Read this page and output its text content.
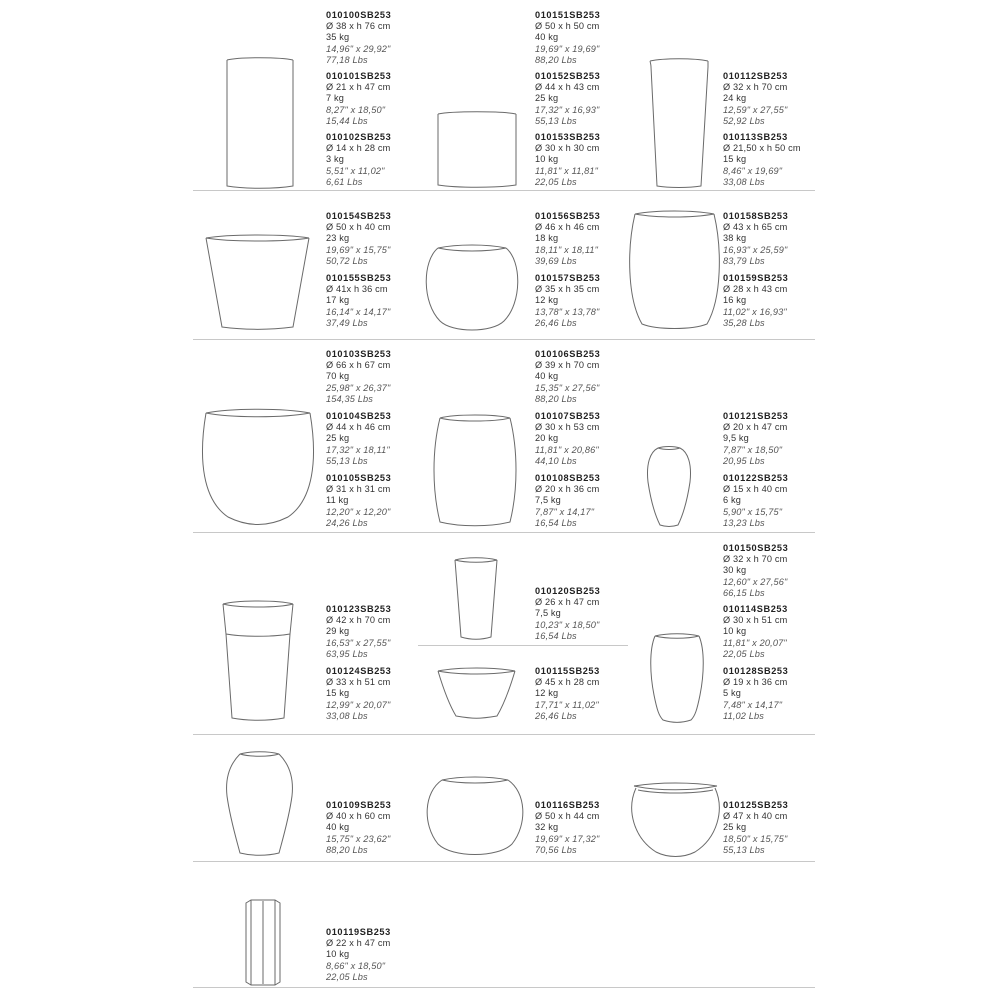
010100SB253
Ø 38 x h 76 cm
35 kg
14,96" x 29,92"
77,18 Lbs
010101SB253
Ø 21 x h 47 cm
7 kg
8,27" x 18,50"
15,44 Lbs
010102SB253
Ø 14 x h 28 cm
3 kg
5,51" x 11,02"
6,61 Lbs
010151SB253
Ø 50 x h 50 cm
40 kg
19,69" x 19,69"
88,20 Lbs
010152SB253
Ø 44 x h 43 cm
25 kg
17,32" x 16,93"
55,13 Lbs
010153SB253
Ø 30 x h 30 cm
10 kg
11,81" x 11,81"
22,05 Lbs
010112SB253
Ø 32 x h 70 cm
24 kg
12,59" x 27,55"
52,92 Lbs
010113SB253
Ø 21,50 x h 50 cm
15 kg
8,46" x 19,69"
33,08 Lbs
010154SB253
Ø 50 x h 40 cm
23 kg
19,69" x 15,75"
50,72 Lbs
010155SB253
Ø 41x h 36 cm
17 kg
16,14" x 14,17"
37,49 Lbs
010156SB253
Ø 46 x h 46 cm
18 kg
18,11" x 18,11"
39,69 Lbs
010157SB253
Ø 35 x h 35 cm
12 kg
13,78" x 13,78"
26,46 Lbs
010158SB253
Ø 43 x h 65 cm
38 kg
16,93" x 25,59"
83,79 Lbs
010159SB253
Ø 28 x h 43 cm
16 kg
11,02" x 16,93"
35,28 Lbs
010103SB253
Ø 66 x h 67 cm
70 kg
25,98" x 26,37"
154,35 Lbs
010104SB253
Ø 44 x h 46 cm
25 kg
17,32" x 18,11"
55,13 Lbs
010105SB253
Ø 31 x h 31 cm
11 kg
12,20" x 12,20"
24,26 Lbs
010106SB253
Ø 39 x h 70 cm
40 kg
15,35" x 27,56"
88,20 Lbs
010107SB253
Ø 30 x h 53 cm
20 kg
11,81" x 20,86"
44,10 Lbs
010108SB253
Ø 20 x h 36 cm
7,5 kg
7,87" x 14,17"
16,54 Lbs
010121SB253
Ø 20 x h 47 cm
9,5 kg
7,87" x 18,50"
20,95 Lbs
010122SB253
Ø 15 x h 40 cm
6 kg
5,90" x 15,75"
13,23 Lbs
010123SB253
Ø 42 x h 70 cm
29 kg
16,53" x 27,55"
63,95 Lbs
010124SB253
Ø 33 x h 51 cm
15 kg
12,99" x 20,07"
33,08 Lbs
010120SB253
Ø 26 x h 47 cm
7,5 kg
10,23" x 18,50"
16,54 Lbs
010115SB253
Ø 45 x h 28 cm
12 kg
17,71" x 11,02"
26,46 Lbs
010150SB253
Ø 32 x h 70 cm
30 kg
12,60" x 27,56"
66,15 Lbs
010114SB253
Ø 30 x h 51 cm
10 kg
11,81" x 20,07"
22,05 Lbs
010128SB253
Ø 19 x h 36 cm
5 kg
7,48" x 14,17"
11,02 Lbs
010109SB253
Ø 40 x h 60 cm
40 kg
15,75" x 23,62"
88,20 Lbs
010116SB253
Ø 50 x h 44 cm
32 kg
19,69" x 17,32"
70,56 Lbs
010125SB253
Ø 47 x h 40 cm
25 kg
18,50" x 15,75"
55,13 Lbs
010119SB253
Ø 22 x h 47 cm
10 kg
8,66" x 18,50"
22,05 Lbs
